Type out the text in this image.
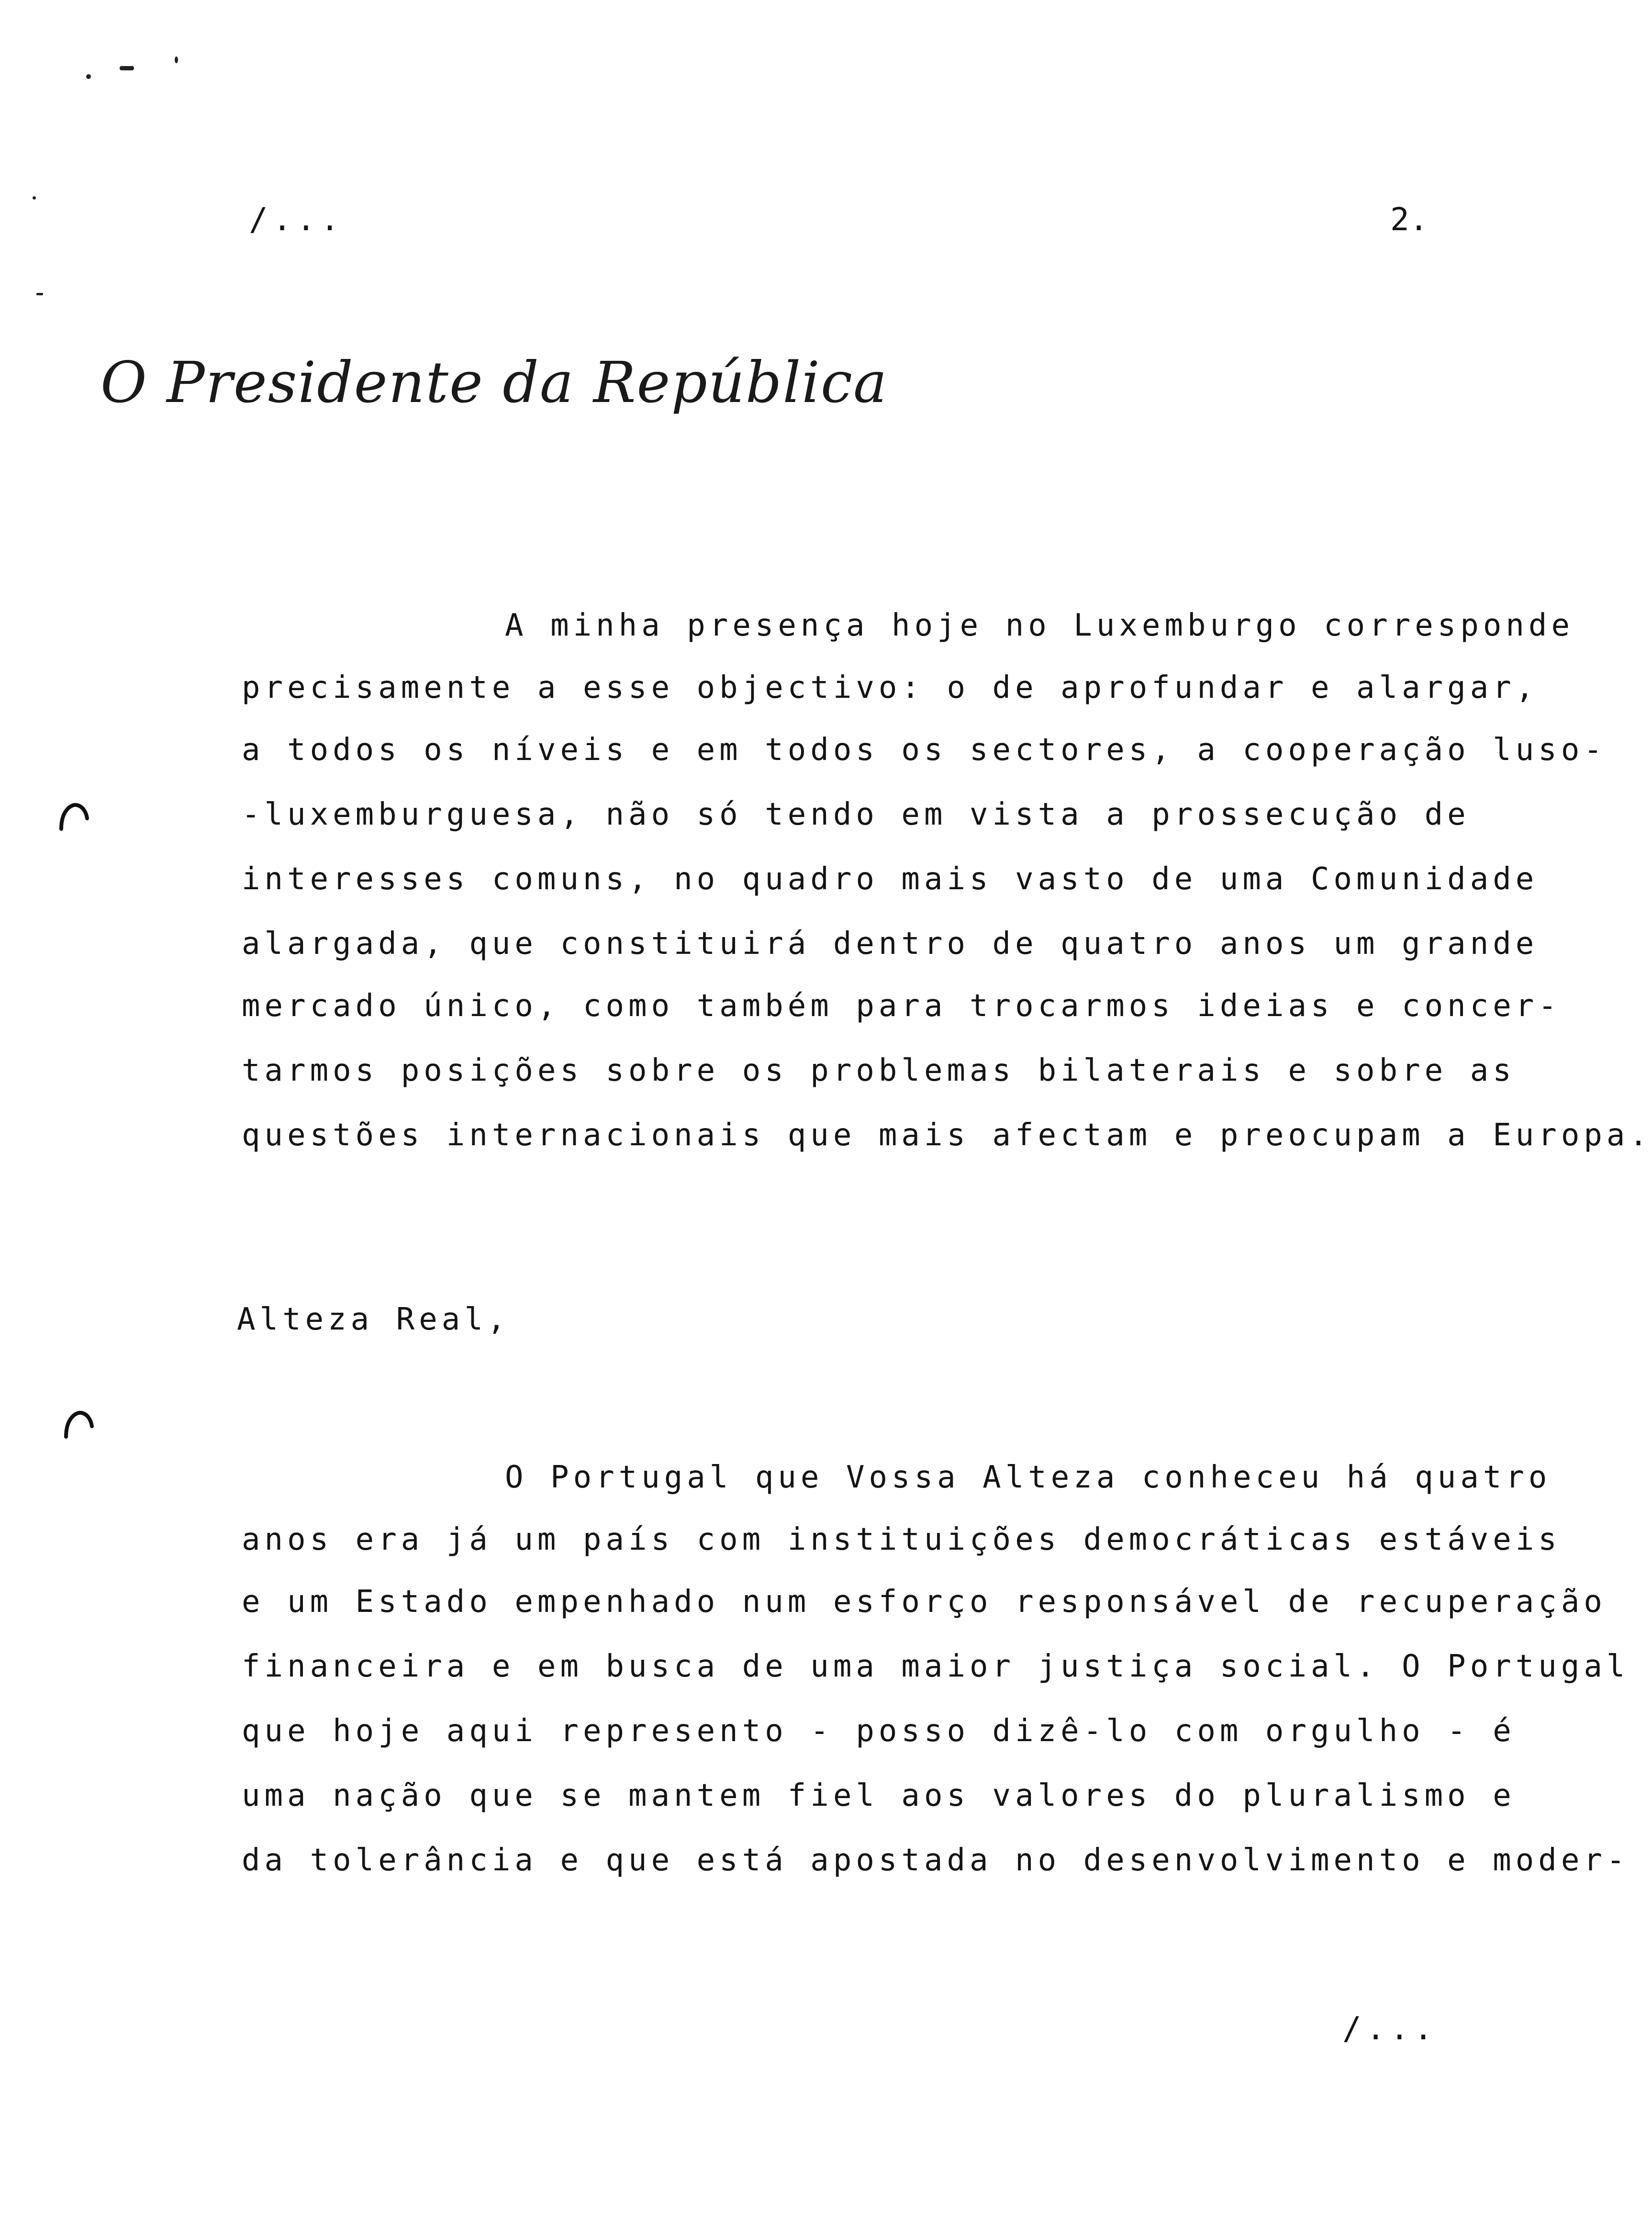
/...	2.
O Presidente da República
A minha presença hoje no Luxemburgo corresponde
precisamente a esse objectivo: o de aprofundar e alargar,
a todos os níveis e em todos os sectores, a cooperação luso-
-luxemburguesa, não só tendo em vista a prossecução de
interesses comuns, no quadro mais vasto de uma Comunidade
alargada, que constituirá dentro de quatro anos um grande
mercado único, como também para trocarmos ideias e concer-
tarmos posições sobre os problemas bilaterais e sobre as
questões internacionais que mais afectam e preocupam a Europa.
Alteza Real,
O Portugal que Vossa Alteza conheceu há quatro
anos era já um país com instituições democráticas estáveis
e um Estado empenhado num esforço responsável de recuperação
financeira e em busca de uma maior justiça social. O Portugal
que hoje aqui represento - posso dizê-lo com orgulho - é
uma nação que se mantem fiel aos valores do pluralismo e
da tolerância e que está apostada no desenvolvimento e moder-
/...
